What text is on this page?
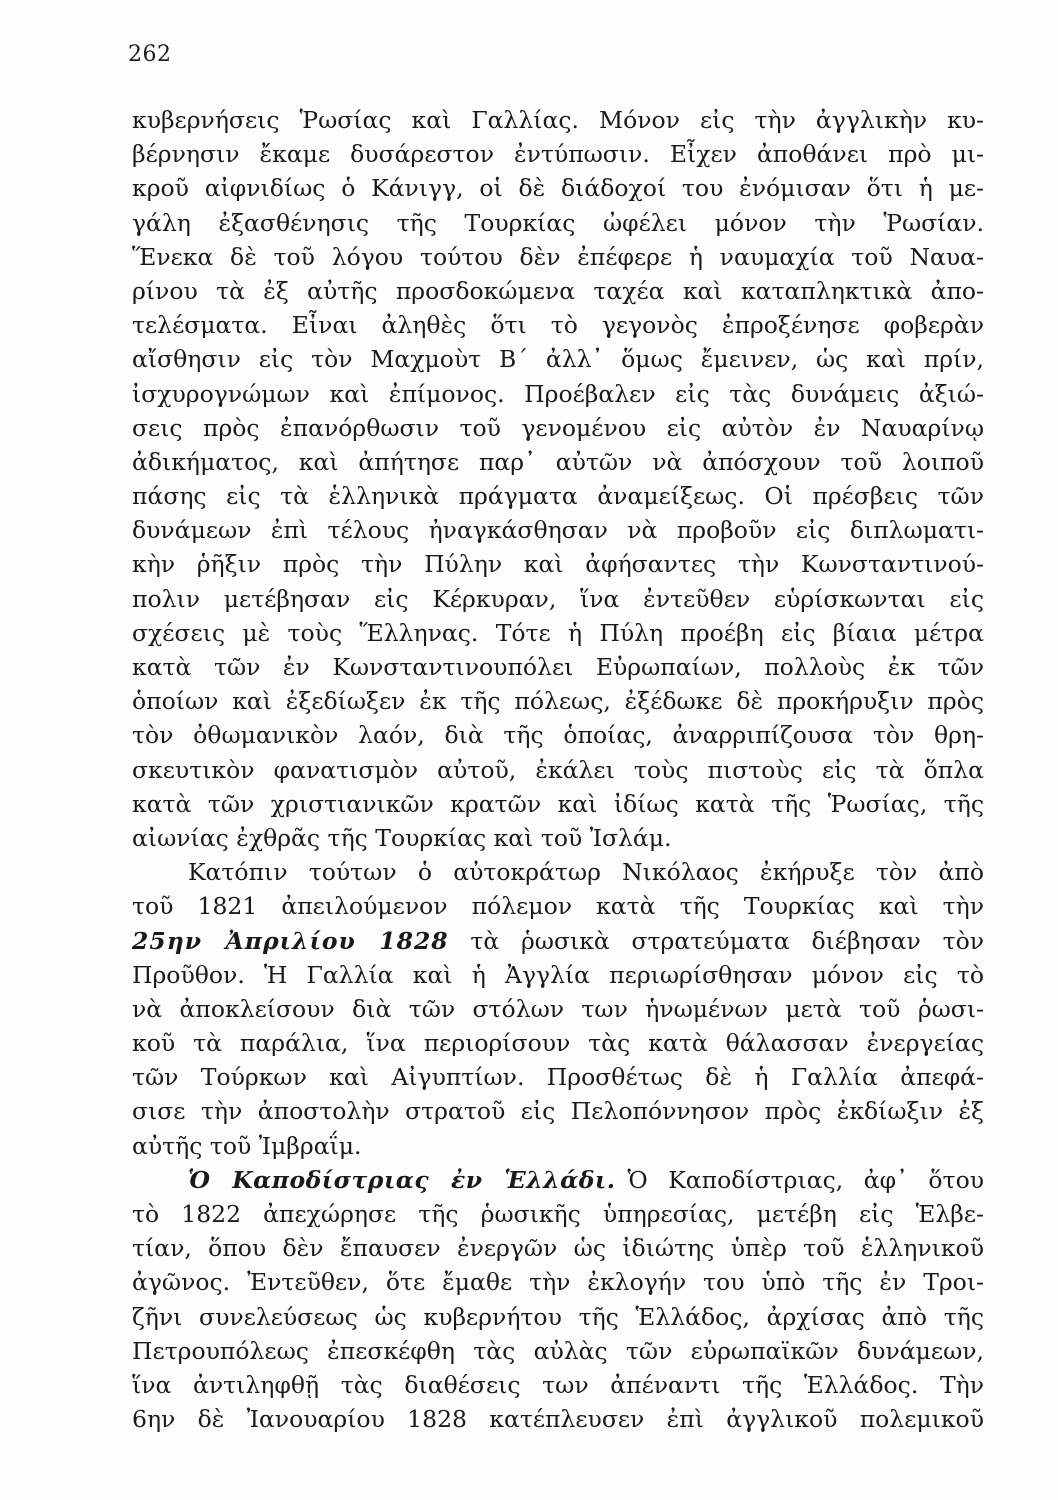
262
κυβερνήσεις Ῥωσίας καὶ Γαλλίας. Μόνον εἰς τὴν ἀγγλικὴν κυ-
βέρνησιν ἔκαμε δυσάρεστον ἐντύπωσιν. Εἶχεν ἀποθάνει πρὸ μι-
κροῦ αἰφνιδίως ὁ Κάνιγγ, οἱ δὲ διάδοχοί του ἐνόμισαν ὅτι ἡ με-
γάλη ἐξασθένησις τῆς Τουρκίας ὠφέλει μόνον τὴν Ῥωσίαν.
Ἕνεκα δὲ τοῦ λόγου τούτου δὲν ἐπέφερε ἡ ναυμαχία τοῦ Ναυα-
ρίνου τὰ ἐξ αὐτῆς προσδοκώμενα ταχέα καὶ καταπληκτικὰ ἀπο-
τελέσματα. Εἶναι ἀληθὲς ὅτι τὸ γεγονὸς ἐπροξένησε φοβερὰν
αἴσθησιν εἰς τὸν Μαχμοὺτ Β΄ ἀλλ᾽ ὅμως ἔμεινεν, ὡς καὶ πρίν,
ἰσχυρογνώμων καὶ ἐπίμονος. Προέβαλεν εἰς τὰς δυνάμεις ἀξιώ-
σεις πρὸς ἐπανόρθωσιν τοῦ γενομένου εἰς αὐτὸν ἐν Ναυαρίνῳ
ἀδικήματος, καὶ ἀπήτησε παρ᾽ αὐτῶν νὰ ἀπόσχουν τοῦ λοιποῦ
πάσης εἰς τὰ ἑλληνικὰ πράγματα ἀναμείξεως. Οἱ πρέσβεις τῶν
δυνάμεων ἐπὶ τέλους ἠναγκάσθησαν νὰ προβοῦν εἰς διπλωματι-
κὴν ῥῆξιν πρὸς τὴν Πύλην καὶ ἀφήσαντες τὴν Κωνσταντινού-
πολιν μετέβησαν εἰς Κέρκυραν, ἵνα ἐντεῦθεν εὑρίσκωνται εἰς
σχέσεις μὲ τοὺς Ἕλληνας. Τότε ἡ Πύλη προέβη εἰς βίαια μέτρα
κατὰ τῶν ἐν Κωνσταντινουπόλει Εὐρωπαίων, πολλοὺς ἐκ τῶν
ὁποίων καὶ ἐξεδίωξεν ἐκ τῆς πόλεως, ἐξέδωκε δὲ προκήρυξιν πρὸς
τὸν ὀθωμανικὸν λαόν, διὰ τῆς ὁποίας, ἀναρριπίζουσα τὸν θρη-
σκευτικὸν φανατισμὸν αὐτοῦ, ἐκάλει τοὺς πιστοὺς εἰς τὰ ὅπλα
κατὰ τῶν χριστιανικῶν κρατῶν καὶ ἰδίως κατὰ τῆς Ῥωσίας, τῆς
αἰωνίας ἐχθρᾶς τῆς Τουρκίας καὶ τοῦ Ἰσλάμ.
Κατόπιν τούτων ὁ αὐτοκράτωρ Νικόλαος ἐκήρυξε τὸν ἀπὸ
τοῦ 1821 ἀπειλούμενον πόλεμον κατὰ τῆς Τουρκίας καὶ τὴν
25ην Ἀπριλίου 1828 τὰ ῥωσικὰ στρατεύματα διέβησαν τὸν
Προῦθον. Ἡ Γαλλία καὶ ἡ Ἀγγλία περιωρίσθησαν μόνον εἰς τὸ
νὰ ἀποκλείσουν διὰ τῶν στόλων των ἡνωμένων μετὰ τοῦ ῥωσι-
κοῦ τὰ παράλια, ἵνα περιορίσουν τὰς κατὰ θάλασσαν ἐνεργείας
τῶν Τούρκων καὶ Αἰγυπτίων. Προσθέτως δὲ ἡ Γαλλία ἀπεφά-
σισε τὴν ἀποστολὴν στρατοῦ εἰς Πελοπόννησον πρὸς ἐκδίωξιν ἐξ
αὐτῆς τοῦ Ἰμβραΐμ.
Ὁ Καποδίστριας ἐν Ἑλλάδι. Ὁ Καποδίστριας, ἀφ᾽ ὅτου
τὸ 1822 ἀπεχώρησε τῆς ῥωσικῆς ὑπηρεσίας, μετέβη εἰς Ἑλβε-
τίαν, ὅπου δὲν ἔπαυσεν ἐνεργῶν ὡς ἰδιώτης ὑπὲρ τοῦ ἑλληνικοῦ
ἀγῶνος. Ἐντεῦθεν, ὅτε ἔμαθε τὴν ἐκλογήν του ὑπὸ τῆς ἐν Τροι-
ζῆνι συνελεύσεως ὡς κυβερνήτου τῆς Ἑλλάδος, ἀρχίσας ἀπὸ τῆς
Πετρουπόλεως ἐπεσκέφθη τὰς αὐλὰς τῶν εὐρωπαϊκῶν δυνάμεων,
ἵνα ἀντιληφθῇ τὰς διαθέσεις των ἀπέναντι τῆς Ἑλλάδος. Τὴν
6ην δὲ Ἰανουαρίου 1828 κατέπλευσεν ἐπὶ ἀγγλικοῦ πολεμικοῦ
